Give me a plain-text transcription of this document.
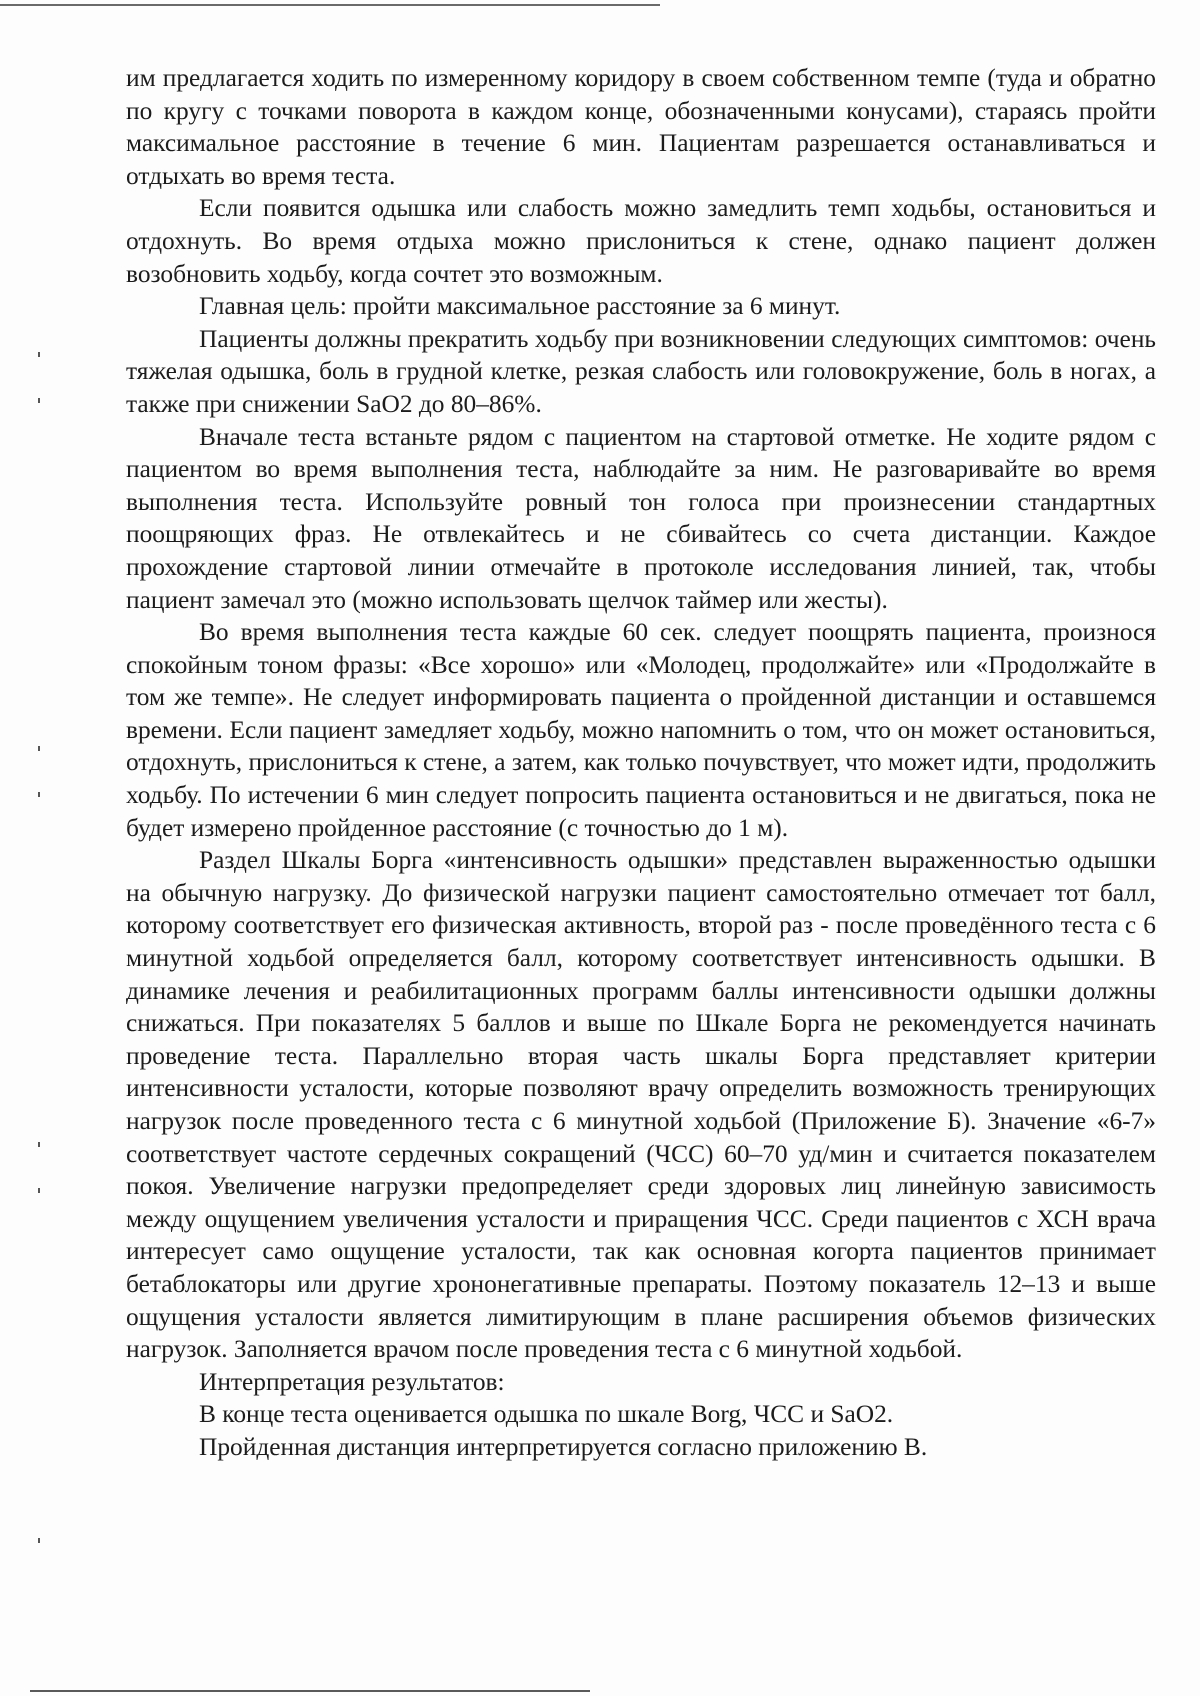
им предлагается ходить по измеренному коридору в своем собственном темпе (туда и обратно по кругу с точками поворота в каждом конце, обозначенными конусами), стараясь пройти максимальное расстояние в течение 6 мин. Пациентам разрешается останавливаться и отдыхать во время теста.

Если появится одышка или слабость можно замедлить темп ходьбы, остановиться и отдохнуть. Во время отдыха можно прислониться к стене, однако пациент должен возобновить ходьбу, когда сочтет это возможным.

Главная цель: пройти максимальное расстояние за 6 минут.

Пациенты должны прекратить ходьбу при возникновении следующих симптомов: очень тяжелая одышка, боль в грудной клетке, резкая слабость или головокружение, боль в ногах, а также при снижении SaO2 до 80–86%.

Вначале теста встаньте рядом с пациентом на стартовой отметке. Не ходите рядом с пациентом во время выполнения теста, наблюдайте за ним. Не разговаривайте во время выполнения теста. Используйте ровный тон голоса при произнесении стандартных поощряющих фраз. Не отвлекайтесь и не сбивайтесь со счета дистанции. Каждое прохождение стартовой линии отмечайте в протоколе исследования линией, так, чтобы пациент замечал это (можно использовать щелчок таймер или жесты).

Во время выполнения теста каждые 60 сек. следует поощрять пациента, произнося спокойным тоном фразы: «Все хорошо» или «Молодец, продолжайте» или «Продолжайте в том же темпе». Не следует информировать пациента о пройденной дистанции и оставшемся времени. Если пациент замедляет ходьбу, можно напомнить о том, что он может остановиться, отдохнуть, прислониться к стене, а затем, как только почувствует, что может идти, продолжить ходьбу. По истечении 6 мин следует попросить пациента остановиться и не двигаться, пока не будет измерено пройденное расстояние (с точностью до 1 м).

Раздел Шкалы Борга «интенсивность одышки» представлен выраженностью одышки на обычную нагрузку. До физической нагрузки пациент самостоятельно отмечает тот балл, которому соответствует его физическая активность, второй раз - после проведённого теста с 6 минутной ходьбой определяется балл, которому соответствует интенсивность одышки. В динамике лечения и реабилитационных программ баллы интенсивности одышки должны снижаться. При показателях 5 баллов и выше по Шкале Борга не рекомендуется начинать проведение теста. Параллельно вторая часть шкалы Борга представляет критерии интенсивности усталости, которые позволяют врачу определить возможность тренирующих нагрузок после проведенного теста с 6 минутной ходьбой (Приложение Б). Значение «6-7» соответствует частоте сердечных сокращений (ЧСС) 60–70 уд/мин и считается показателем покоя. Увеличение нагрузки предопределяет среди здоровых лиц линейную зависимость между ощущением увеличения усталости и приращения ЧСС. Среди пациентов с ХСН врача интересует само ощущение усталости, так как основная когорта пациентов принимает бетаблокаторы или другие хрононегативные препараты. Поэтому показатель 12–13 и выше ощущения усталости является лимитирующим в плане расширения объемов физических нагрузок. Заполняется врачом после проведения теста с 6 минутной ходьбой.

Интерпретация результатов:

В конце теста оценивается одышка по шкале Borg, ЧСС и SaO2.

Пройденная дистанция интерпретируется согласно приложению В.
